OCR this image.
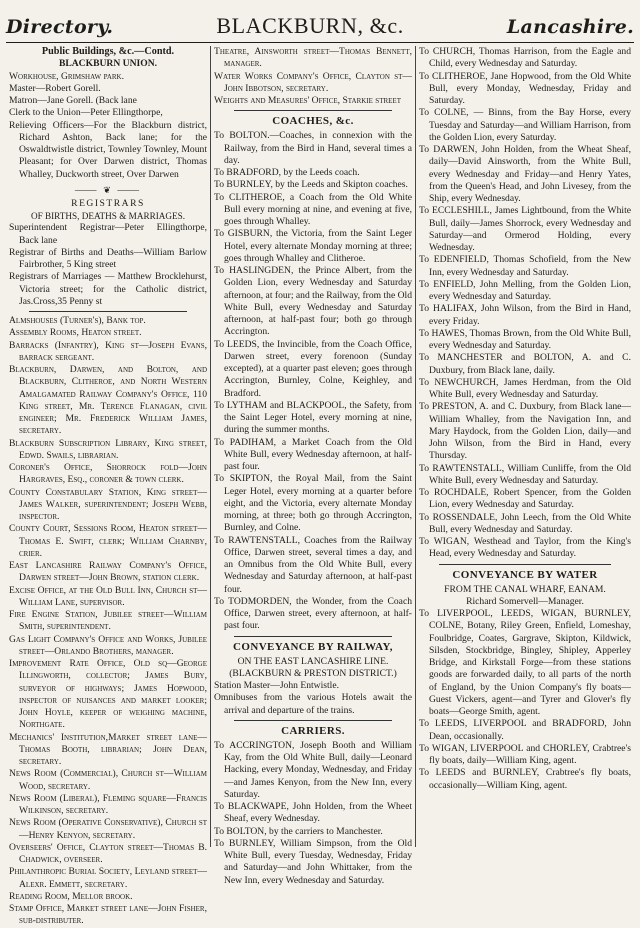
Directory.	BLACKBURN, &c.	Lancashire.

Public Buildings, &c.—Contd.

BLACKBURN UNION.

Workhouse, Grimshaw park.

Master—Robert Gorell.

Matron—Jane Gorell. (Back lane

Clerk to the Union—Peter Ellingthorpe,

Relieving Officers—For the Blackburn district, Richard Ashton, Back lane; for the Oswaldtwistle district, Townley Townley, Mount Pleasant; for Over Darwen district, Thomas Whalley, Duckworth street, Over Darwen

⸻ ❦ ⸻

REGISTRARS

OF BIRTHS, DEATHS & MARRIAGES.

Superintendent Registrar—Peter Ellingthorpe, Back lane

Registrar of Births and Deaths—William Barlow Fairbrother, 5 King street

Registrars of Marriages — Matthew Brocklehurst, Victoria street; for the Catholic district, Jas.Cross,35 Penny st

Almshouses (Turner's), Bank top.

Assembly Rooms, Heaton street.

Barracks (Infantry), King st—Joseph Evans, barrack sergeant.

Blackburn, Darwen, and Bolton, and Blackburn, Clitheroe, and North Western Amalgamated Railway Company's Office, 110 King street, Mr. Terence Flanagan, civil engineer; Mr. Frederick William James, secretary.

Blackburn Subscription Library, King street, Edwd. Swails, librarian.

Coroner's Office, Shorrock fold—John Hargraves, Esq., coroner & town clerk.

County Constabulary Station, King street—James Walker, superintendent; Joseph Webb, inspector.

County Court, Sessions Room, Heaton street—Thomas E. Swift, clerk; William Charnby, crier.

East Lancashire Railway Company's Office, Darwen street—John Brown, station clerk.

Excise Office, at the Old Bull Inn, Church st—William Lane, supervisor.

Fire Engine Station, Jubilee street—William Smith, superintendent.

Gas Light Company's Office and Works, Jubilee street—Orlando Brothers, manager.

Improvement Rate Office, Old sq—George Illingworth, collector; James Bury, surveyor of highways; James Hopwood, inspector of nuisances and market looker; John Hoyle, keeper of weighing machine, Northgate.

Mechanics' Institution,Market street lane—Thomas Booth, librarian; John Dean, secretary.

News Room (Commercial), Church st—William Wood, secretary.

News Room (Liberal), Fleming square—Francis Wilkinson, secretary.

News Room (Operative Conservative), Church st—Henry Kenyon, secretary.

Overseers' Office, Clayton street—Thomas B. Chadwick, overseer.

Philanthropic Burial Society, Leyland street—Alexr. Emmett, secretary.

Reading Room, Mellor brook.

Stamp Office, Market street lane—John Fisher, sub-distributer.

Theatre, Ainsworth street—Thomas Bennett, manager.

Water Works Company's Office, Clayton st—John Ibbotson, secretary.

Weights and Measures' Office, Starkie street

COACHES, &c.

To BOLTON.—Coaches, in connexion with the Railway, from the Bird in Hand, several times a day.

To BRADFORD, by the Leeds coach.

To BURNLEY, by the Leeds and Skipton coaches.

To CLITHEROE, a Coach from the Old White Bull every morning at nine, and evening at five, goes through Whalley.

To GISBURN, the Victoria, from the Saint Leger Hotel, every alternate Monday morning at three; goes through Whalley and Clitheroe.

To HASLINGDEN, the Prince Albert, from the Golden Lion, every Wednesday and Saturday afternoon, at four; and the Railway, from the Old White Bull, every Wednesday and Saturday afternoon, at half-past four; both go through Accrington.

To LEEDS, the Invincible, from the Coach Office, Darwen street, every forenoon (Sunday excepted), at a quarter past eleven; goes through Accrington, Burnley, Colne, Keighley, and Bradford.

To LYTHAM and BLACKPOOL, the Safety, from the Saint Leger Hotel, every morning at nine, during the summer months.

To PADIHAM, a Market Coach from the Old White Bull, every Wednesday afternoon, at half-past four.

To SKIPTON, the Royal Mail, from the Saint Leger Hotel, every morning at a quarter before eight, and the Victoria, every alternate Monday morning, at three; both go through Accrington, Burnley, and Colne.

To RAWTENSTALL, Coaches from the Railway Office, Darwen street, several times a day, and an Omnibus from the Old White Bull, every Wednesday and Saturday afternoon, at half-past four.

To TODMORDEN, the Wonder, from the Coach Office, Darwen street, every afternoon, at half-past four.

CONVEYANCE BY RAILWAY,
ON THE EAST LANCASHIRE LINE.

(BLACKBURN & PRESTON DISTRICT.)

Station Master—John Entwistle.

Omnibuses from the various Hotels await the arrival and departure of the trains.

CARRIERS.

To ACCRINGTON, Joseph Booth and William Kay, from the Old White Bull, daily—Leonard Hacking, every Monday, Wednesday, and Friday—and James Kenyon, from the New Inn, every Saturday.

To BLACKWAPE, John Holden, from the Wheet Sheaf, every Wednesday.

To BOLTON, by the carriers to Manchester.

To BURNLEY, William Simpson, from the Old White Bull, every Tuesday, Wednesday, Friday and Saturday—and John Whittaker, from the New Inn, every Wednesday and Saturday.

To CHURCH, Thomas Harrison, from the Eagle and Child, every Wednesday and Saturday.

To CLITHEROE, Jane Hopwood, from the Old White Bull, every Monday, Wednesday, Friday and Saturday.

To COLNE, — Binns, from the Bay Horse, every Tuesday and Saturday—and William Harrison, from the Golden Lion, every Saturday.

To DARWEN, John Holden, from the Wheat Sheaf, daily—David Ainsworth, from the White Bull, every Wednesday and Friday—and Henry Yates, from the Queen's Head, and John Livesey, from the Ship, every Wednesday.

To ECCLESHILL, James Lightbound, from the White Bull, daily—James Shorrock, every Wednesday and Saturday—and Ormerod Holding, every Wednesday.

To EDENFIELD, Thomas Schofield, from the New Inn, every Wednesday and Saturday.

To ENFIELD, John Melling, from the Golden Lion, every Wednesday and Saturday.

To HALIFAX, John Wilson, from the Bird in Hand, every Friday.

To HAWES, Thomas Brown, from the Old White Bull, every Wednesday and Saturday.

To MANCHESTER and BOLTON, A. and C. Duxbury, from Black lane, daily.

To NEWCHURCH, James Herdman, from the Old White Bull, every Wednesday and Saturday.

To PRESTON, A. and C. Duxbury, from Black lane—William Whalley, from the Navigation Inn, and Mary Haydock, from the Golden Lion, daily—and John Wilson, from the Bird in Hand, every Thursday.

To RAWTENSTALL, William Cunliffe, from the Old White Bull, every Wednesday and Saturday.

To ROCHDALE, Robert Spencer, from the Golden Lion, every Wednesday and Saturday.

To ROSSENDALE, John Leech, from the Old White Bull, every Wednesday and Saturday.

To WIGAN, Westhead and Taylor, from the King's Head, every Wednesday and Saturday.

CONVEYANCE BY WATER
FROM THE CANAL WHARF, EANAM.

Richard Somervell—Manager.

To LIVERPOOL, LEEDS, WIGAN, BURNLEY, COLNE, Botany, Riley Green, Enfield, Lomeshay, Foulbridge, Coates, Gargrave, Skipton, Kildwick, Silsden, Stockbridge, Bingley, Shipley, Apperley Bridge, and Kirkstall Forge—from these stations goods are forwarded daily, to all parts of the north of England, by the Union Company's fly boats—Guest Vickers, agent—and Tyrer and Glover's fly boats—George Smith, agent.

To LEEDS, LIVERPOOL and BRADFORD, John Dean, occasionally.

To WIGAN, LIVERPOOL and CHORLEY, Crabtree's fly boats, daily—William King, agent.

To LEEDS and BURNLEY, Crabtree's fly boats, occasionally—William King, agent.
